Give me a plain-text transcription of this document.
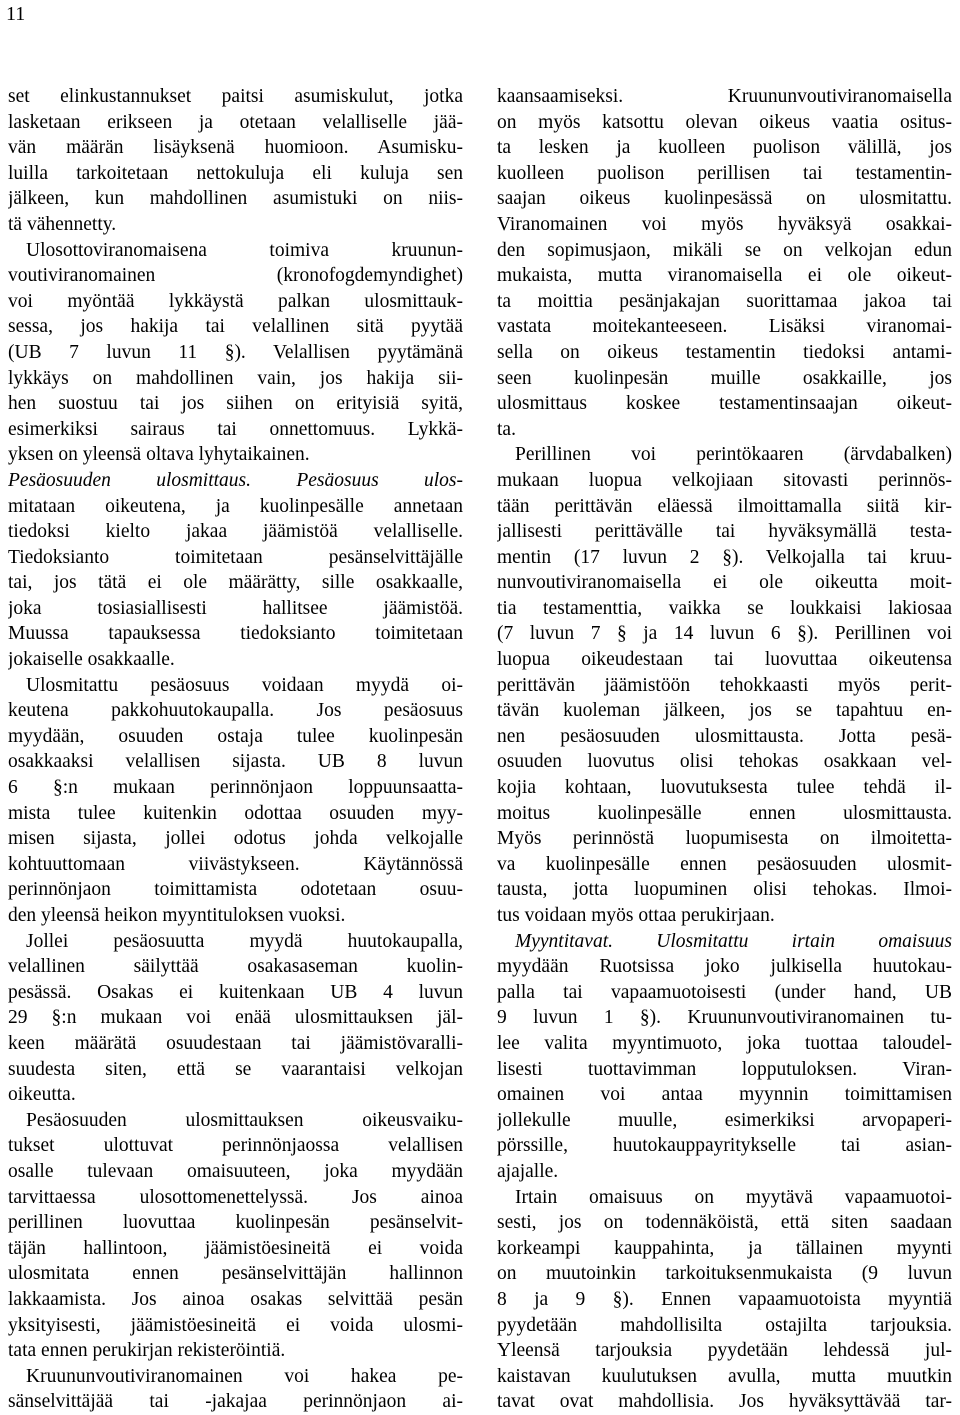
11
set elinkustannukset paitsi asumiskulut, jotka
lasketaan erikseen ja otetaan velalliselle jää-
vän määrän lisäyksenä huomioon. Asumisku-
luilla tarkoitetaan nettokuluja eli kuluja sen
jälkeen, kun mahdollinen asumistuki on niis-
tä vähennetty.
Ulosottoviranomaisena toimiva kruunun-
voutiviranomainen (kronofogdemyndighet)
voi myöntää lykkäystä palkan ulosmittauk-
sessa, jos hakija tai velallinen sitä pyytää
(UB 7 luvun 11 §). Velallisen pyytämänä
lykkäys on mahdollinen vain, jos hakija sii-
hen suostuu tai jos siihen on erityisiä syitä,
esimerkiksi sairaus tai onnettomuus. Lykkä-
yksen on yleensä oltava lyhytaikainen.
Pesäosuuden ulosmittaus. Pesäosuus ulos-
mitataan oikeutena, ja kuolinpesälle annetaan
tiedoksi kielto jakaa jäämistöä velalliselle.
Tiedoksianto toimitetaan pesänselvittäjälle
tai, jos tätä ei ole määrätty, sille osakkaalle,
joka tosiasiallisesti hallitsee jäämistöä.
Muussa tapauksessa tiedoksianto toimitetaan
jokaiselle osakkaalle.
Ulosmitattu pesäosuus voidaan myydä oi-
keutena pakkohuutokaupalla. Jos pesäosuus
myydään, osuuden ostaja tulee kuolinpesän
osakkaaksi velallisen sijasta. UB 8 luvun
6 §:n mukaan perinnönjaon loppuunsaatta-
mista tulee kuitenkin odottaa osuuden myy-
misen sijasta, jollei odotus johda velkojalle
kohtuuttomaan viivästykseen. Käytännössä
perinnönjaon toimittamista odotetaan osuu-
den yleensä heikon myyntituloksen vuoksi.
Jollei pesäosuutta myydä huutokaupalla,
velallinen säilyttää osakasaseman kuolin-
pesässä. Osakas ei kuitenkaan UB 4 luvun
29 §:n mukaan voi enää ulosmittauksen jäl-
keen määrätä osuudestaan tai jäämistövaralli-
suudesta siten, että se vaarantaisi velkojan
oikeutta.
Pesäosuuden ulosmittauksen oikeusvaiku-
tukset ulottuvat perinnönjaossa velallisen
osalle tulevaan omaisuuteen, joka myydään
tarvittaessa ulosottomenettelyssä. Jos ainoa
perillinen luovuttaa kuolinpesän pesänselvit-
täjän hallintoon, jäämistöesineitä ei voida
ulosmitata ennen pesänselvittäjän hallinnon
lakkaamista. Jos ainoa osakas selvittää pesän
yksityisesti, jäämistöesineitä ei voida ulosmi-
tata ennen perukirjan rekisteröintiä.
Kruununvoutiviranomainen voi hakea pe-
sänselvittäjää tai -jakajaa perinnönjaon ai-
kaansaamiseksi. Kruununvoutiviranomaisella
on myös katsottu olevan oikeus vaatia ositus-
ta lesken ja kuolleen puolison välillä, jos
kuolleen puolison perillisen tai testamentin-
saajan oikeus kuolinpesässä on ulosmitattu.
Viranomainen voi myös hyväksyä osakkai-
den sopimusjaon, mikäli se on velkojan edun
mukaista, mutta viranomaisella ei ole oikeut-
ta moittia pesänjakajan suorittamaa jakoa tai
vastata moitekanteeseen. Lisäksi viranomai-
sella on oikeus testamentin tiedoksi antami-
seen kuolinpesän muille osakkaille, jos
ulosmittaus koskee testamentinsaajan oikeut-
ta.
Perillinen voi perintökaaren (ärvdabalken)
mukaan luopua velkojiaan sitovasti perinnös-
tään perittävän eläessä ilmoittamalla siitä kir-
jallisesti perittävälle tai hyväksymällä testa-
mentin (17 luvun 2 §). Velkojalla tai kruu-
nunvoutiviranomaisella ei ole oikeutta moit-
tia testamenttia, vaikka se loukkaisi lakiosaa
(7 luvun 7 § ja 14 luvun 6 §). Perillinen voi
luopua oikeudestaan tai luovuttaa oikeutensa
perittävän jäämistöön tehokkaasti myös perit-
tävän kuoleman jälkeen, jos se tapahtuu en-
nen pesäosuuden ulosmittausta. Jotta pesä-
osuuden luovutus olisi tehokas osakkaan vel-
kojia kohtaan, luovutuksesta tulee tehdä il-
moitus kuolinpesälle ennen ulosmittausta.
Myös perinnöstä luopumisesta on ilmoitetta-
va kuolinpesälle ennen pesäosuuden ulosmit-
tausta, jotta luopuminen olisi tehokas. Ilmoi-
tus voidaan myös ottaa perukirjaan.
Myyntitavat. Ulosmitattu irtain omaisuus
myydään Ruotsissa joko julkisella huutokau-
palla tai vapaamuotoisesti (under hand, UB
9 luvun 1 §). Kruununvoutiviranomainen tu-
lee valita myyntimuoto, joka tuottaa taloudel-
lisesti tuottavimman lopputuloksen. Viran-
omainen voi antaa myynnin toimittamisen
jollekulle muulle, esimerkiksi arvopaperi-
pörssille, huutokauppayritykselle tai asian-
ajajalle.
Irtain omaisuus on myytävä vapaamuotoi-
sesti, jos on todennäköistä, että siten saadaan
korkeampi kauppahinta, ja tällainen myynti
on muutoinkin tarkoituksenmukaista (9 luvun
8 ja 9 §). Ennen vapaamuotoista myyntiä
pyydetään mahdollisilta ostajilta tarjouksia.
Yleensä tarjouksia pyydetään lehdessä jul-
kaistavan kuulutuksen avulla, mutta muutkin
tavat ovat mahdollisia. Jos hyväksyttävää tar-
